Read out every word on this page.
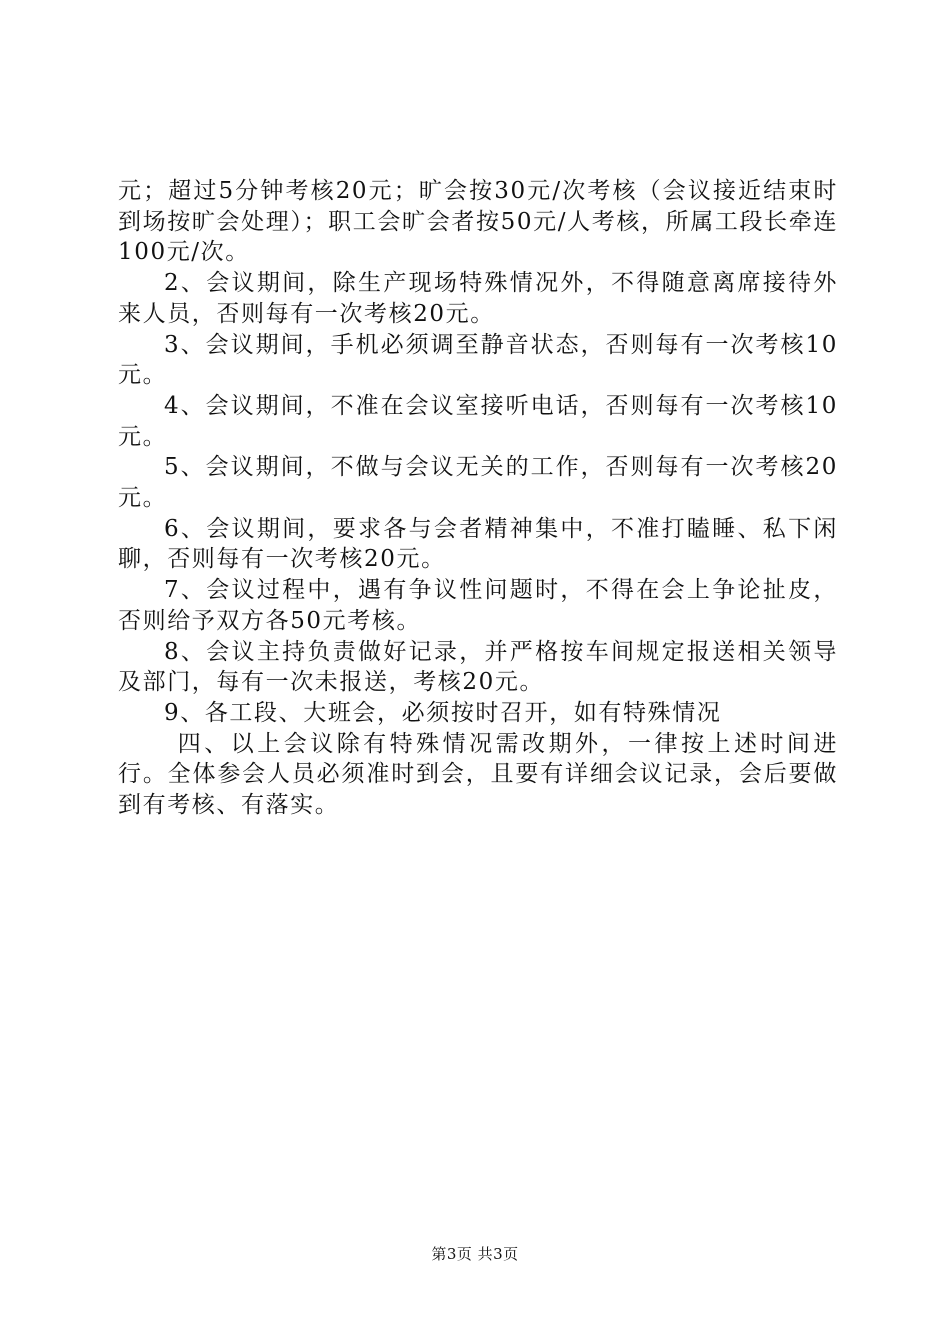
元；超过5分钟考核20元；旷会按30元/次考核（会议接近结束时到场按旷会处理）；职工会旷会者按50元/人考核，所属工段长牵连100元/次。

2、会议期间，除生产现场特殊情况外，不得随意离席接待外来人员，否则每有一次考核20元。

3、会议期间，手机必须调至静音状态，否则每有一次考核10元。

4、会议期间，不准在会议室接听电话，否则每有一次考核10元。

5、会议期间，不做与会议无关的工作，否则每有一次考核20元。

6、会议期间，要求各与会者精神集中，不准打瞌睡、私下闲聊，否则每有一次考核20元。

7、会议过程中，遇有争议性问题时，不得在会上争论扯皮，否则给予双方各50元考核。

8、会议主持负责做好记录，并严格按车间规定报送相关领导及部门，每有一次未报送，考核20元。

9、各工段、大班会，必须按时召开，如有特殊情况

四、以上会议除有特殊情况需改期外，一律按上述时间进行。全体参会人员必须准时到会，且要有详细会议记录，会后要做到有考核、有落实。

第3页 共3页
